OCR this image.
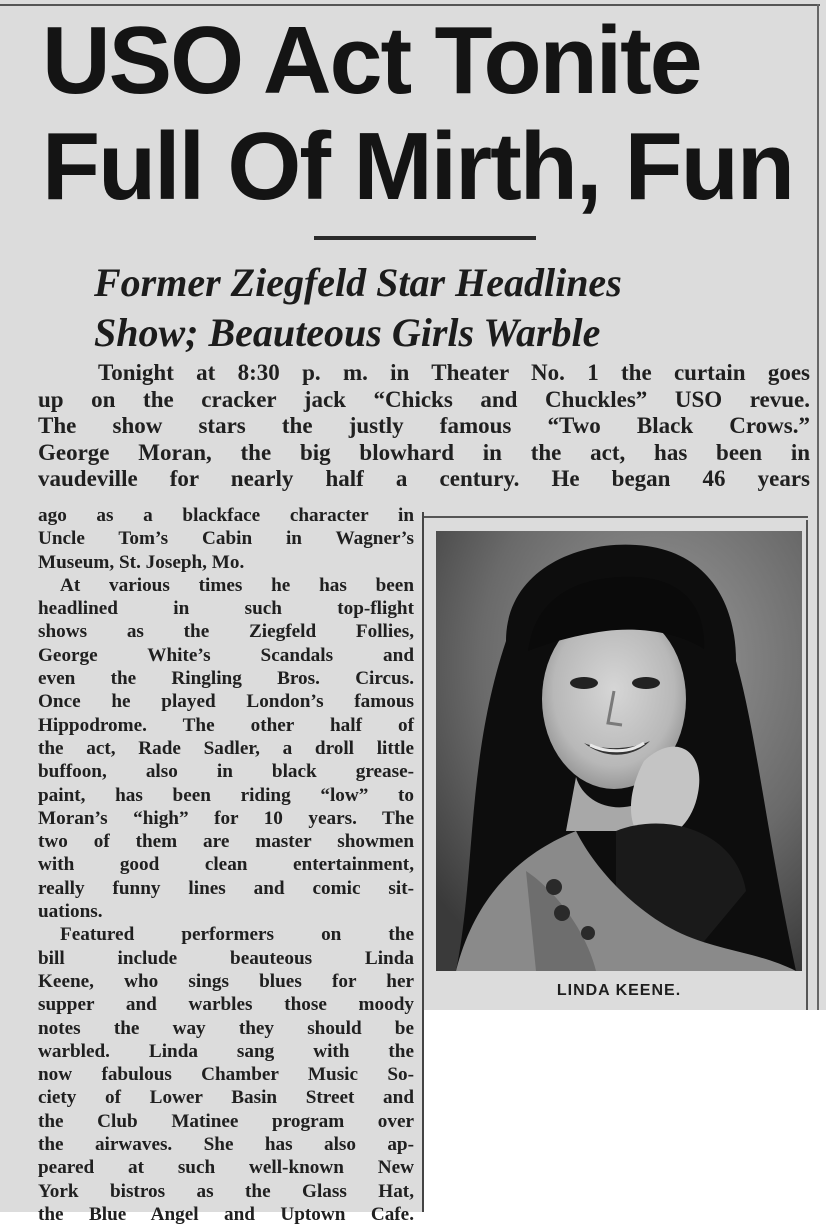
USO Act Tonite
Full Of Mirth, Fun
Former Ziegfeld Star Headlines
Show; Beauteous Girls Warble
Tonight at 8:30 p. m. in Theater No. 1 the curtain goes
up on the cracker jack “Chicks and Chuckles” USO revue.
The show stars the justly famous “Two Black Crows.”
George Moran, the big blowhard in the act, has been in
vaudeville for nearly half a century. He began 46 years

ago as a blackface character in
Uncle Tom’s Cabin in Wagner’s
Museum, St. Joseph, Mo.

At various times he has been
headlined in such top-flight
shows as the Ziegfeld Follies,
George White’s Scandals and
even the Ringling Bros. Circus.
Once he played London’s famous
Hippodrome. The other half of
the act, Rade Sadler, a droll little
buffoon, also in black grease-
paint, has been riding “low” to
Moran’s “high” for 10 years. The
two of them are master showmen
with good clean entertainment,
really funny lines and comic sit-
uations.

Featured performers on the
bill include beauteous Linda
Keene, who sings blues for her
supper and warbles those moody
notes the way they should be
warbled. Linda sang with the
now fabulous Chamber Music So-
ciety of Lower Basin Street and
the Club Matinee program over
the airwaves. She has also ap-
peared at such well-known New
York bistros as the Glass Hat,
the Blue Angel and Uptown Cafe.

LINDA KEENE.
